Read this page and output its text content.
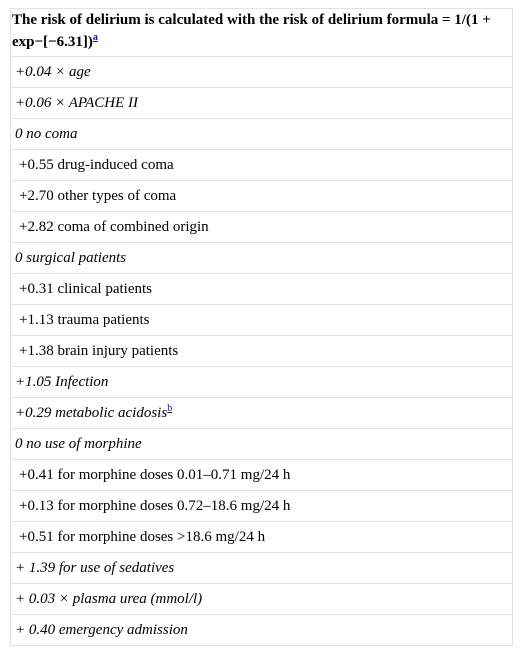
The risk of delirium is calculated with the risk of delirium formula = 1/(1 + exp−[−6.31])$^a$
+0.04 × age
+0.06 × APACHE II
0 no coma
+0.55 drug-induced coma
+2.70 other types of coma
+2.82 coma of combined origin
0 surgical patients
+0.31 clinical patients
+1.13 trauma patients
+1.38 brain injury patients
+1.05 Infection
+0.29 metabolic acidosis$^b$
0 no use of morphine
+0.41 for morphine doses 0.01–0.71 mg/24 h
+0.13 for morphine doses 0.72–18.6 mg/24 h
+0.51 for morphine doses >18.6 mg/24 h
+ 1.39 for use of sedatives
+ 0.03 × plasma urea (mmol/l)
+ 0.40 emergency admission
